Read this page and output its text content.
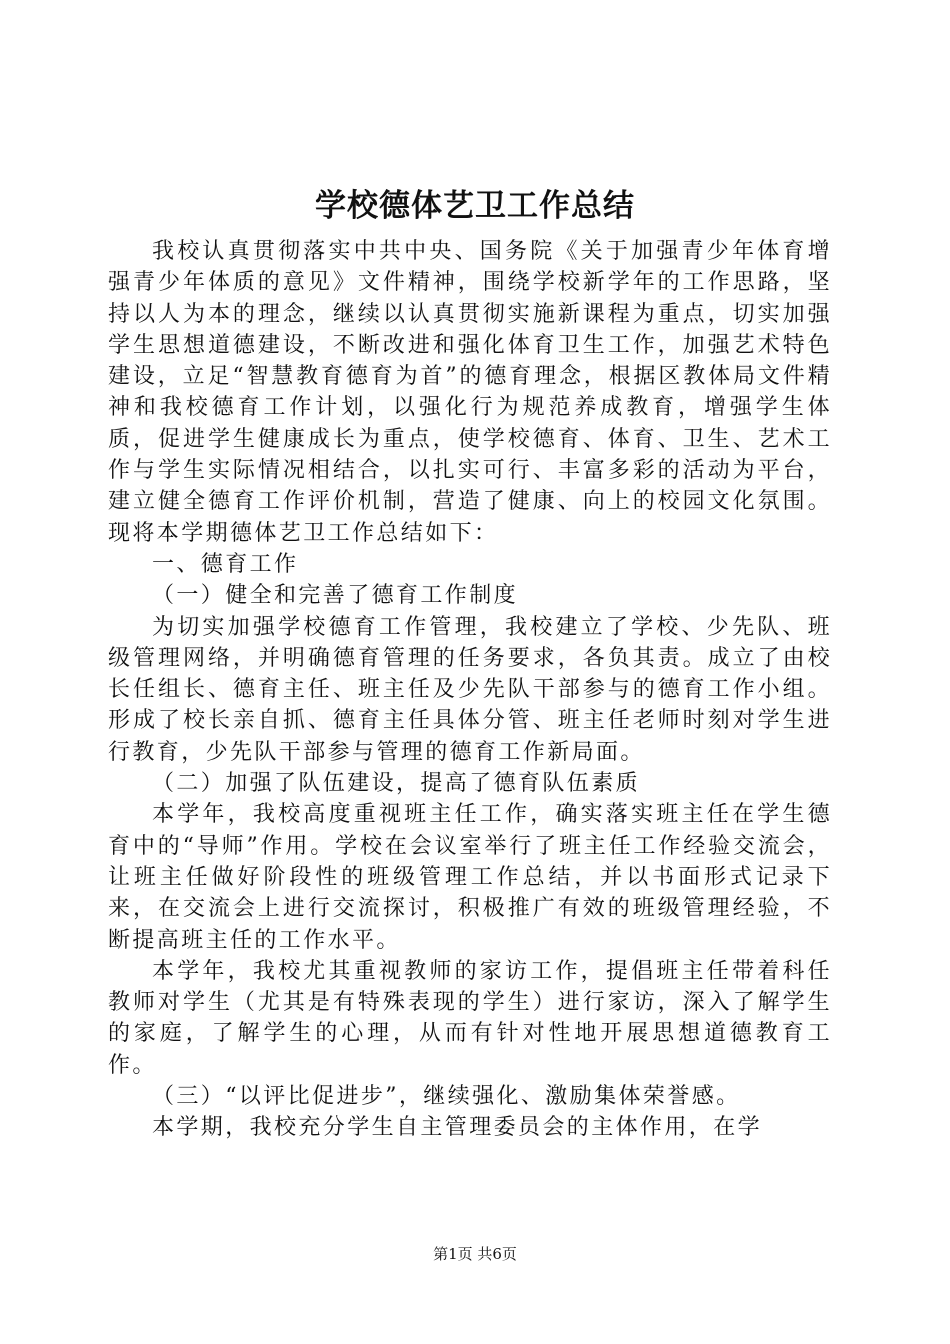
学校德体艺卫工作总结

我校认真贯彻落实中共中央、国务院《关于加强青少年体育增强青少年体质的意见》文件精神，围绕学校新学年的工作思路，坚持以人为本的理念，继续以认真贯彻实施新课程为重点，切实加强学生思想道德建设，不断改进和强化体育卫生工作，加强艺术特色建设，立足“智慧教育德育为首”的德育理念，根据区教体局文件精神和我校德育工作计划，以强化行为规范养成教育，增强学生体质，促进学生健康成长为重点，使学校德育、体育、卫生、艺术工作与学生实际情况相结合，以扎实可行、丰富多彩的活动为平台，建立健全德育工作评价机制，营造了健康、向上的校园文化氛围。现将本学期德体艺卫工作总结如下：

一、德育工作

（一）健全和完善了德育工作制度

为切实加强学校德育工作管理，我校建立了学校、少先队、班级管理网络，并明确德育管理的任务要求，各负其责。成立了由校长任组长、德育主任、班主任及少先队干部参与的德育工作小组。形成了校长亲自抓、德育主任具体分管、班主任老师时刻对学生进行教育，少先队干部参与管理的德育工作新局面。

（二）加强了队伍建设，提高了德育队伍素质

本学年，我校高度重视班主任工作，确实落实班主任在学生德育中的“导师”作用。学校在会议室举行了班主任工作经验交流会，让班主任做好阶段性的班级管理工作总结，并以书面形式记录下来，在交流会上进行交流探讨，积极推广有效的班级管理经验，不断提高班主任的工作水平。

本学年，我校尤其重视教师的家访工作，提倡班主任带着科任教师对学生（尤其是有特殊表现的学生）进行家访，深入了解学生的家庭，了解学生的心理，从而有针对性地开展思想道德教育工作。

（三）“以评比促进步”，继续强化、激励集体荣誉感。

本学期，我校充分学生自主管理委员会的主体作用，在学

第1页 共6页
